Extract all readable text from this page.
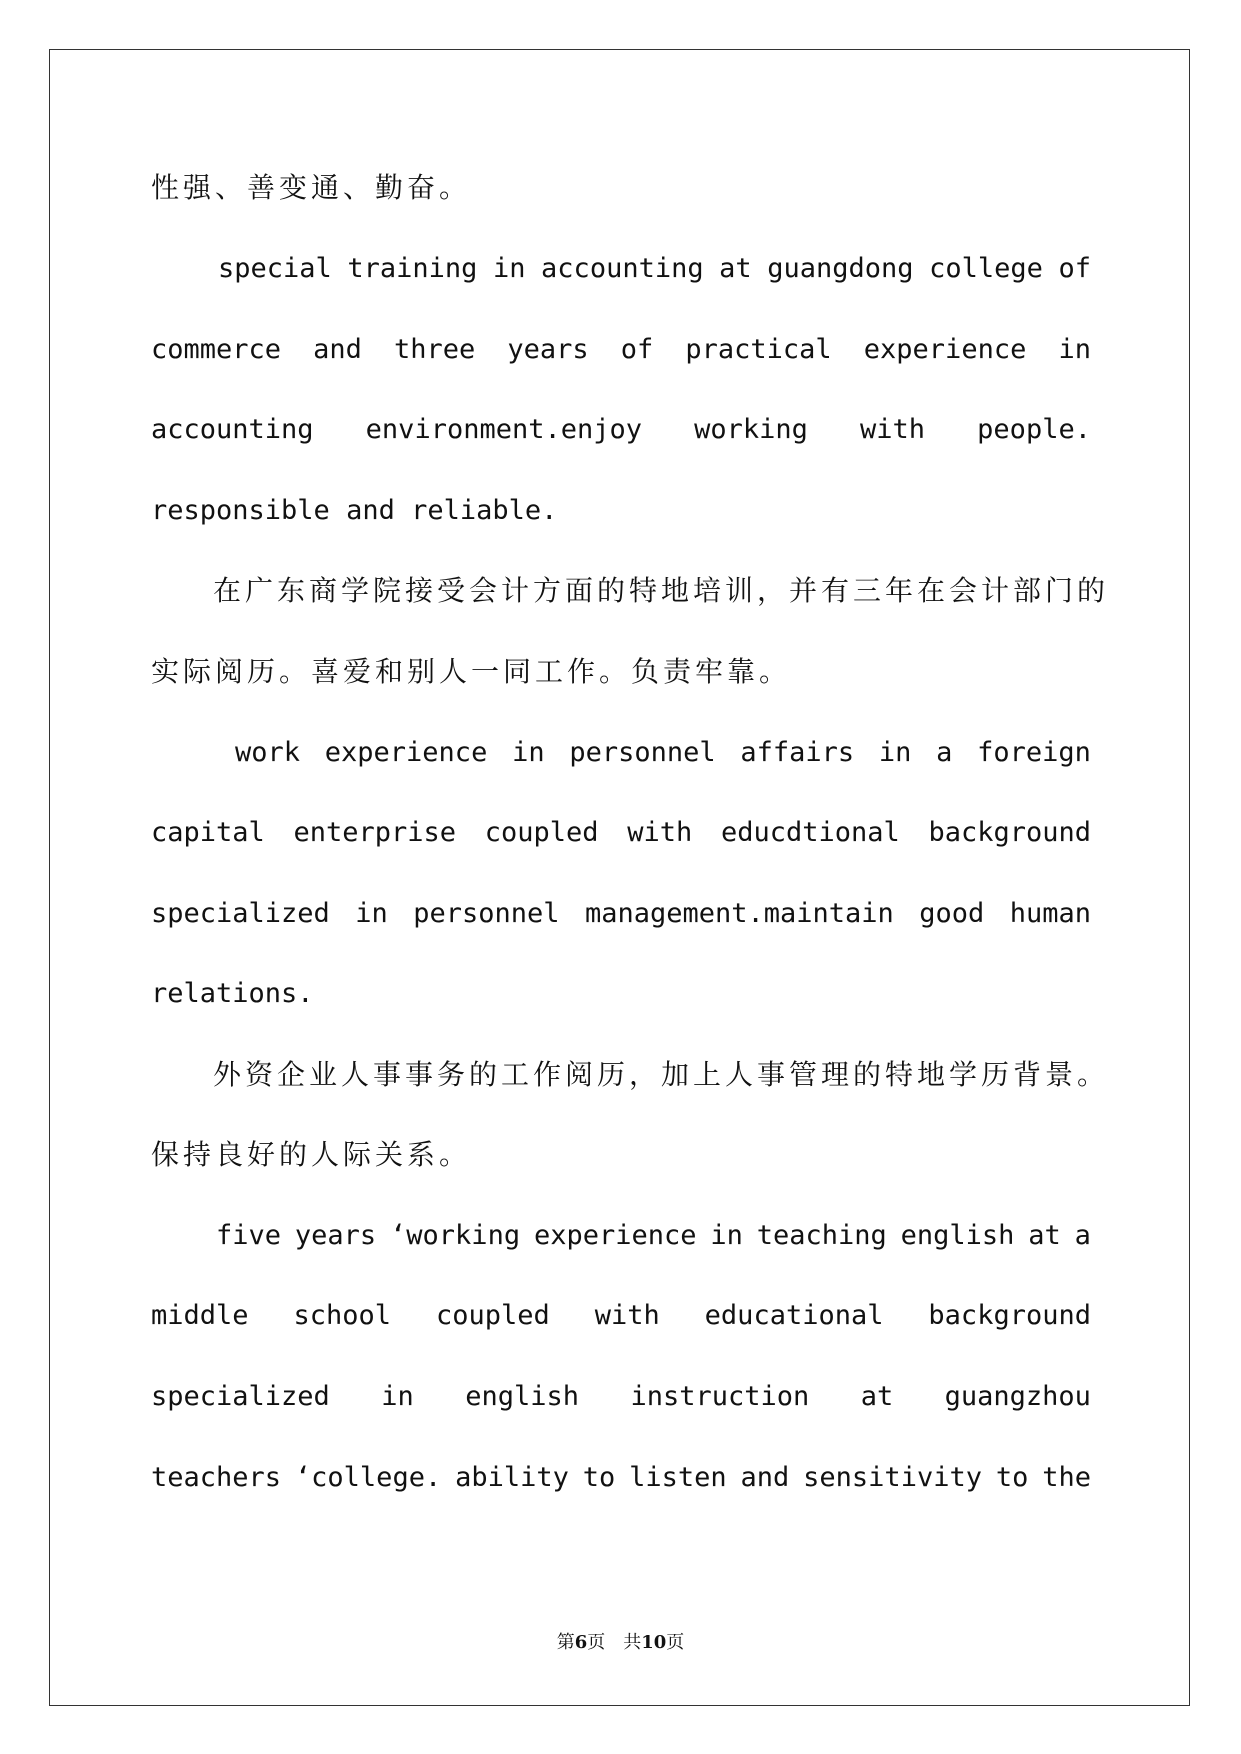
性强、善变通、勤奋。
special training in accounting at guangdong college of
commerce and three years of practical experience in
accounting environment.enjoy working with people.
responsible and reliable.
在广东商学院接受会计方面的特地培训，并有三年在会计部门的
实际阅历。喜爱和别人一同工作。负责牢靠。
work experience in personnel affairs in a foreign
capital enterprise coupled with educdtional background
specialized in personnel management.maintain good human
relations.
外资企业人事事务的工作阅历，加上人事管理的特地学历背景。
保持良好的人际关系。
five years ‘working experience in teaching english at a
middle school coupled with educational background
specialized in english instruction at guangzhou
teachers ‘college. ability to listen and sensitivity to the
第6页　共10页
